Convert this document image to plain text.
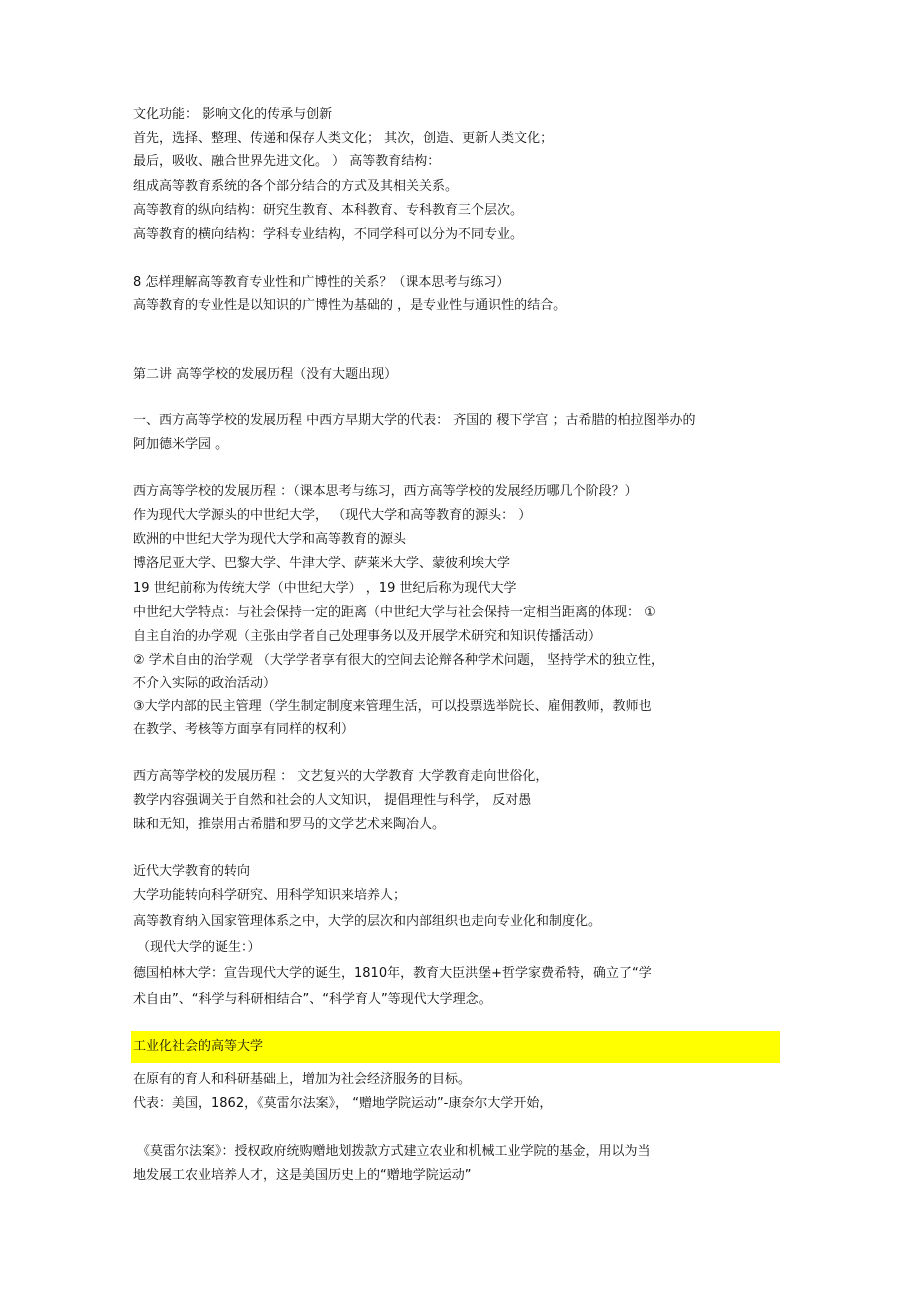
文化功能： 影响文化的传承与创新
首先，选择、整理、传递和保存人类文化； 其次，创造、更新人类文化；
最后，吸收、融合世界先进文化。 ） 高等教育结构：
组成高等教育系统的各个部分结合的方式及其相关关系。
高等教育的纵向结构：研究生教育、本科教育、专科教育三个层次。
高等教育的横向结构：学科专业结构，不同学科可以分为不同专业。
8 怎样理解高等教育专业性和广博性的关系？（课本思考与练习）
高等教育的专业性是以知识的广博性为基础的 ，是专业性与通识性的结合。
第二讲 高等学校的发展历程（没有大题出现）
一、西方高等学校的发展历程 中西方早期大学的代表： 齐国的 稷下学宫 ；古希腊的柏拉图举办的
阿加德米学园 。
西方高等学校的发展历程 ：（课本思考与练习，西方高等学校的发展经历哪几个阶段？）
作为现代大学源头的中世纪大学， （现代大学和高等教育的源头： ）
欧洲的中世纪大学为现代大学和高等教育的源头
博洛尼亚大学、巴黎大学、牛津大学、萨莱米大学、蒙彼利埃大学
19 世纪前称为传统大学（中世纪大学） ，19 世纪后称为现代大学
中世纪大学特点：与社会保持一定的距离（中世纪大学与社会保持一定相当距离的体现： ①
自主自治的办学观（主张由学者自己处理事务以及开展学术研究和知识传播活动）
② 学术自由的治学观 （大学学者享有很大的空间去论辩各种学术问题， 坚持学术的独立性，
不介入实际的政治活动）
③大学内部的民主管理（学生制定制度来管理生活，可以投票选举院长、雇佣教师，教师也
在教学、考核等方面享有同样的权利）
西方高等学校的发展历程 ： 文艺复兴的大学教育 大学教育走向世俗化，
教学内容强调关于自然和社会的人文知识， 提倡理性与科学， 反对愚
昧和无知，推崇用古希腊和罗马的文学艺术来陶冶人。
近代大学教育的转向
大学功能转向科学研究、用科学知识来培养人；
高等教育纳入国家管理体系之中，大学的层次和内部组织也走向专业化和制度化。
（现代大学的诞生：）
德国柏林大学：宣告现代大学的诞生，1810年，教育大臣洪堡+哲学家费希特，确立了“学
术自由”、“科学与科研相结合”、“科学育人”等现代大学理念。
工业化社会的高等大学
在原有的育人和科研基础上，增加为社会经济服务的目标。
代表：美国，1862，《莫雷尔法案》， “赠地学院运动”-康奈尔大学开始，
《莫雷尔法案》：授权政府统购赠地划拨款方式建立农业和机械工业学院的基金，用以为当
地发展工农业培养人才，这是美国历史上的“赠地学院运动”
